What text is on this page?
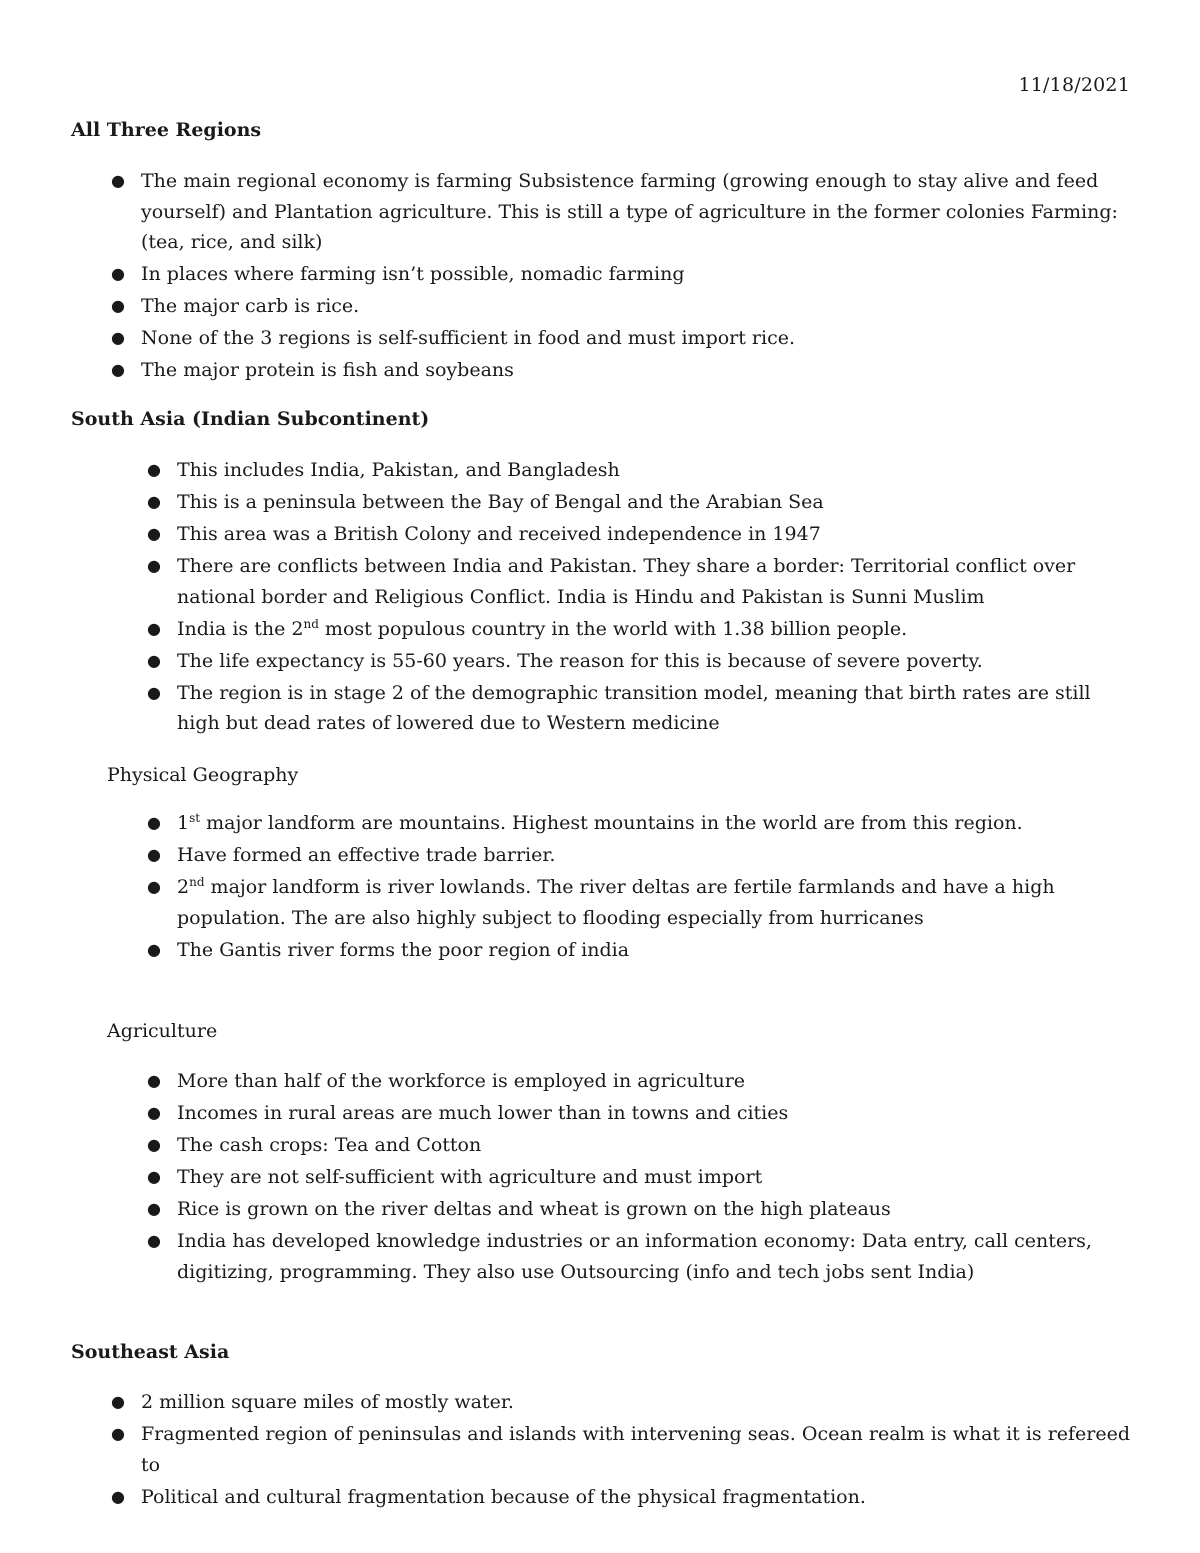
11/18/2021
All Three Regions
● The main regional economy is farming Subsistence farming (growing enough to stay alive and feed yourself) and Plantation agriculture. This is still a type of agriculture in the former colonies Farming: (tea, rice, and silk)
● In places where farming isn’t possible, nomadic farming
● The major carb is rice.
● None of the 3 regions is self-sufficient in food and must import rice.
● The major protein is fish and soybeans
South Asia (Indian Subcontinent)
● This includes India, Pakistan, and Bangladesh
● This is a peninsula between the Bay of Bengal and the Arabian Sea
● This area was a British Colony and received independence in 1947
● There are conflicts between India and Pakistan. They share a border: Territorial conflict over national border and Religious Conflict. India is Hindu and Pakistan is Sunni Muslim
● India is the 2nd most populous country in the world with 1.38 billion people.
● The life expectancy is 55-60 years. The reason for this is because of severe poverty.
● The region is in stage 2 of the demographic transition model, meaning that birth rates are still high but dead rates of lowered due to Western medicine
Physical Geography
● 1st major landform are mountains. Highest mountains in the world are from this region.
● Have formed an effective trade barrier.
● 2nd major landform is river lowlands. The river deltas are fertile farmlands and have a high population. The are also highly subject to flooding especially from hurricanes
● The Gantis river forms the poor region of india
Agriculture
● More than half of the workforce is employed in agriculture
● Incomes in rural areas are much lower than in towns and cities
● The cash crops: Tea and Cotton
● They are not self-sufficient with agriculture and must import
● Rice is grown on the river deltas and wheat is grown on the high plateaus
● India has developed knowledge industries or an information economy: Data entry, call centers, digitizing, programming. They also use Outsourcing (info and tech jobs sent India)
Southeast Asia
● 2 million square miles of mostly water.
● Fragmented region of peninsulas and islands with intervening seas. Ocean realm is what it is refereed to
● Political and cultural fragmentation because of the physical fragmentation.
